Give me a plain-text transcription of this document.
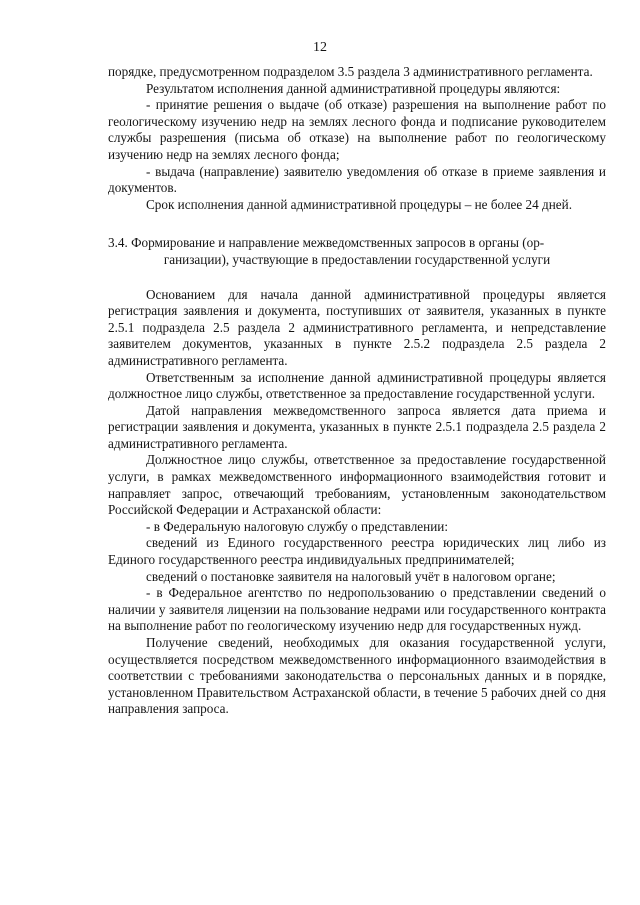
12

порядке, предусмотренном подразделом 3.5 раздела 3 административного регламента.

Результатом исполнения данной административной процедуры являются:

- принятие решения о выдаче (об отказе) разрешения на выполнение работ по геологическому изучению недр на землях лесного фонда и подписание руководителем службы разрешения (письма об отказе) на выполнение работ по геологическому изучению недр на землях лесного фонда;

- выдача (направление) заявителю уведомления об отказе в приеме заявления и документов.

Срок исполнения данной административной процедуры – не более 24 дней.

3.4. Формирование и направление межведомственных запросов в органы (ор-
ганизации), участвующие в предоставлении государственной услуги

Основанием для начала данной административной процедуры является регистрация заявления и документа, поступивших от заявителя, указанных в пункте 2.5.1 подраздела 2.5 раздела 2 административного регламента, и непредставление заявителем документов, указанных в пункте 2.5.2 подраздела 2.5 раздела 2 административного регламента.

Ответственным за исполнение данной административной процедуры является должностное лицо службы, ответственное за предоставление государственной услуги.

Датой направления межведомственного запроса является дата приема и регистрации заявления и документа, указанных в пункте 2.5.1 подраздела 2.5 раздела 2 административного регламента.

Должностное лицо службы, ответственное за предоставление государственной услуги, в рамках межведомственного информационного взаимодействия готовит и направляет запрос, отвечающий требованиям, установленным законодательством Российской Федерации и Астраханской области:

- в Федеральную налоговую службу о представлении:

сведений из Единого государственного реестра юридических лиц либо из Единого государственного реестра индивидуальных предпринимателей;

сведений о постановке заявителя на налоговый учёт в налоговом органе;

- в Федеральное агентство по недропользованию о представлении сведений о наличии у заявителя лицензии на пользование недрами или государственного контракта на выполнение работ по геологическому изучению недр для государственных нужд.

Получение сведений, необходимых для оказания государственной услуги, осуществляется посредством межведомственного информационного взаимодействия в соответствии с требованиями законодательства о персональных данных и в порядке, установленном Правительством Астраханской области, в течение 5 рабочих дней со дня направления запроса.
